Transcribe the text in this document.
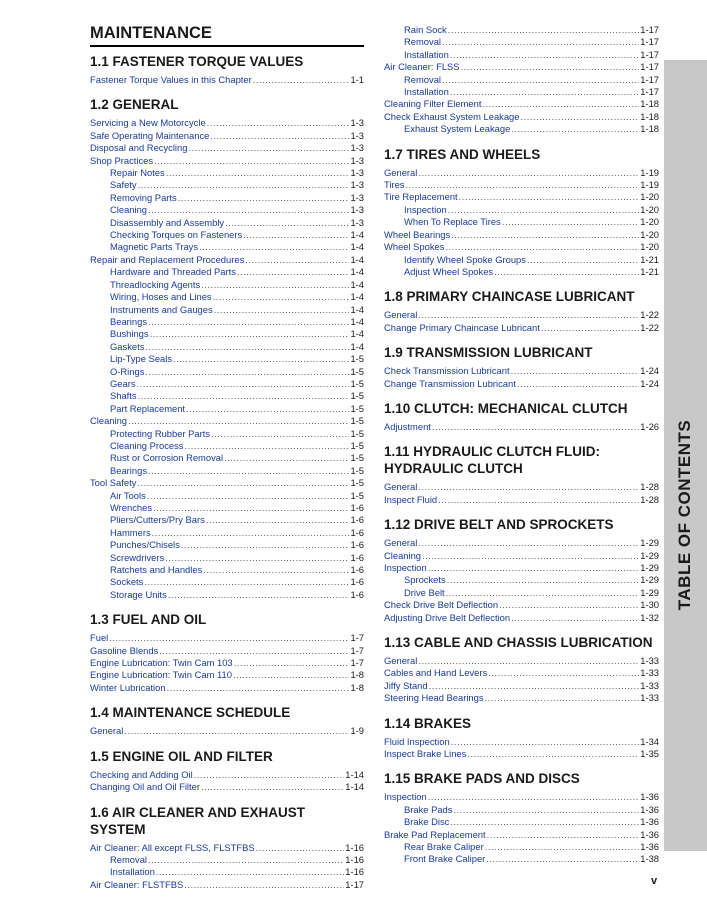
MAINTENANCE
1.1 FASTENER TORQUE VALUES
Fastener Torque Values in this Chapter .....	1-1
1.2 GENERAL
Servicing a New Motorcycle .....	1-3
Safe Operating Maintenance .....	1-3
Disposal and Recycling .....	1-3
Shop Practices .....	1-3
Repair Notes .....	1-3
Safety .....	1-3
Removing Parts .....	1-3
Cleaning .....	1-3
Disassembly and Assembly .....	1-3
Checking Torques on Fasteners .....	1-4
Magnetic Parts Trays .....	1-4
Repair and Replacement Procedures .....	1-4
Hardware and Threaded Parts .....	1-4
Threadlocking Agents .....	1-4
Wiring, Hoses and Lines .....	1-4
Instruments and Gauges .....	1-4
Bearings .....	1-4
Bushings .....	1-4
Gaskets .....	1-4
Lip-Type Seals .....	1-5
O-Rings .....	1-5
Gears .....	1-5
Shafts .....	1-5
Part Replacement .....	1-5
Cleaning .....	1-5
Protecting Rubber Parts .....	1-5
Cleaning Process .....	1-5
Rust or Corrosion Removal .....	1-5
Bearings .....	1-5
Tool Safety .....	1-5
Air Tools .....	1-5
Wrenches .....	1-6
Pliers/Cutters/Pry Bars .....	1-6
Hammers .....	1-6
Punches/Chisels .....	1-6
Screwdrivers .....	1-6
Ratchets and Handles .....	1-6
Sockets .....	1-6
Storage Units .....	1-6
1.3 FUEL AND OIL
Fuel .....	1-7
Gasoline Blends .....	1-7
Engine Lubrication: Twin Cam 103 .....	1-7
Engine Lubrication: Twin Cam 110 .....	1-8
Winter Lubrication .....	1-8
1.4 MAINTENANCE SCHEDULE
General .....	1-9
1.5 ENGINE OIL AND FILTER
Checking and Adding Oil .....	1-14
Changing Oil and Oil Filter .....	1-14
1.6 AIR CLEANER AND EXHAUST SYSTEM
Air Cleaner: All except FLSS, FLSTFBS .....	1-16
Removal .....	1-16
Installation .....	1-16
Air Cleaner: FLSTFBS .....	1-17
Rain Sock .....	1-17
Removal .....	1-17
Installation .....	1-17
Air Cleaner: FLSS .....	1-17
Removal .....	1-17
Installation .....	1-17
Cleaning Filter Element .....	1-18
Check Exhaust System Leakage .....	1-18
Exhaust System Leakage .....	1-18
1.7 TIRES AND WHEELS
General .....	1-19
Tires .....	1-19
Tire Replacement .....	1-20
Inspection .....	1-20
When To Replace Tires .....	1-20
Wheel Bearings .....	1-20
Wheel Spokes .....	1-20
Identify Wheel Spoke Groups .....	1-21
Adjust Wheel Spokes .....	1-21
1.8 PRIMARY CHAINCASE LUBRICANT
General .....	1-22
Change Primary Chaincase Lubricant .....	1-22
1.9 TRANSMISSION LUBRICANT
Check Transmission Lubricant .....	1-24
Change Transmission Lubricant .....	1-24
1.10 CLUTCH: MECHANICAL CLUTCH
Adjustment .....	1-26
1.11 HYDRAULIC CLUTCH FLUID: HYDRAULIC CLUTCH
General .....	1-28
Inspect Fluid .....	1-28
1.12 DRIVE BELT AND SPROCKETS
General .....	1-29
Cleaning .....	1-29
Inspection .....	1-29
Sprockets .....	1-29
Drive Belt .....	1-29
Check Drive Belt Deflection .....	1-30
Adjusting Drive Belt Deflection .....	1-32
1.13 CABLE AND CHASSIS LUBRICATION
General .....	1-33
Cables and Hand Levers .....	1-33
Jiffy Stand .....	1-33
Steering Head Bearings .....	1-33
1.14 BRAKES
Fluid Inspection .....	1-34
Inspect Brake Lines .....	1-35
1.15 BRAKE PADS AND DISCS
Inspection .....	1-36
Brake Pads .....	1-36
Brake Disc .....	1-36
Brake Pad Replacement .....	1-36
Rear Brake Caliper .....	1-36
Front Brake Caliper .....	1-38
TABLE OF CONTENTS
v
